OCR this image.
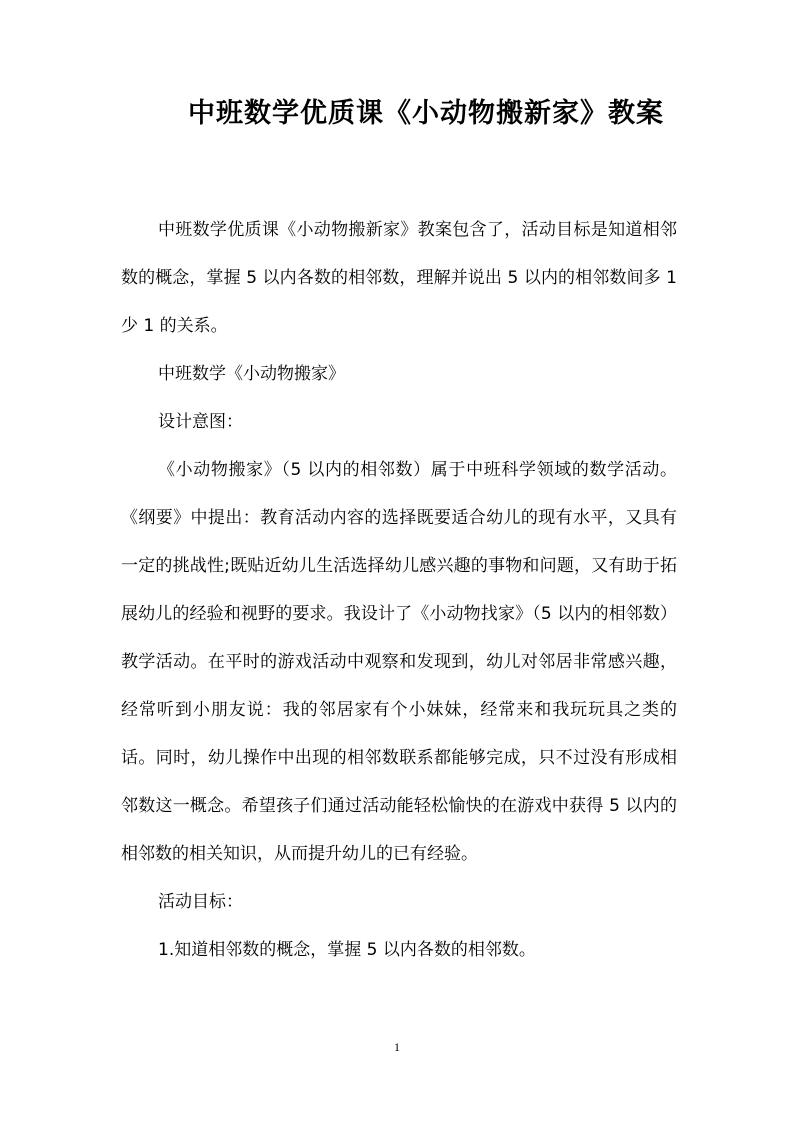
中班数学优质课《小动物搬新家》教案

中班数学优质课《小动物搬新家》教案包含了，活动目标是知道相邻数的概念，掌握 5 以内各数的相邻数，理解并说出 5 以内的相邻数间多 1 少 1 的关系。

中班数学《小动物搬家》

设计意图：

《小动物搬家》（5 以内的相邻数）属于中班科学领域的数学活动。《纲要》中提出：教育活动内容的选择既要适合幼儿的现有水平，又具有一定的挑战性;既贴近幼儿生活选择幼儿感兴趣的事物和问题，又有助于拓展幼儿的经验和视野的要求。我设计了《小动物找家》（5 以内的相邻数）教学活动。在平时的游戏活动中观察和发现到，幼儿对邻居非常感兴趣，经常听到小朋友说：我的邻居家有个小妹妹，经常来和我玩玩具之类的话。同时，幼儿操作中出现的相邻数联系都能够完成，只不过没有形成相邻数这一概念。希望孩子们通过活动能轻松愉快的在游戏中获得 5 以内的相邻数的相关知识，从而提升幼儿的已有经验。

活动目标：

1.知道相邻数的概念，掌握 5 以内各数的相邻数。

1
